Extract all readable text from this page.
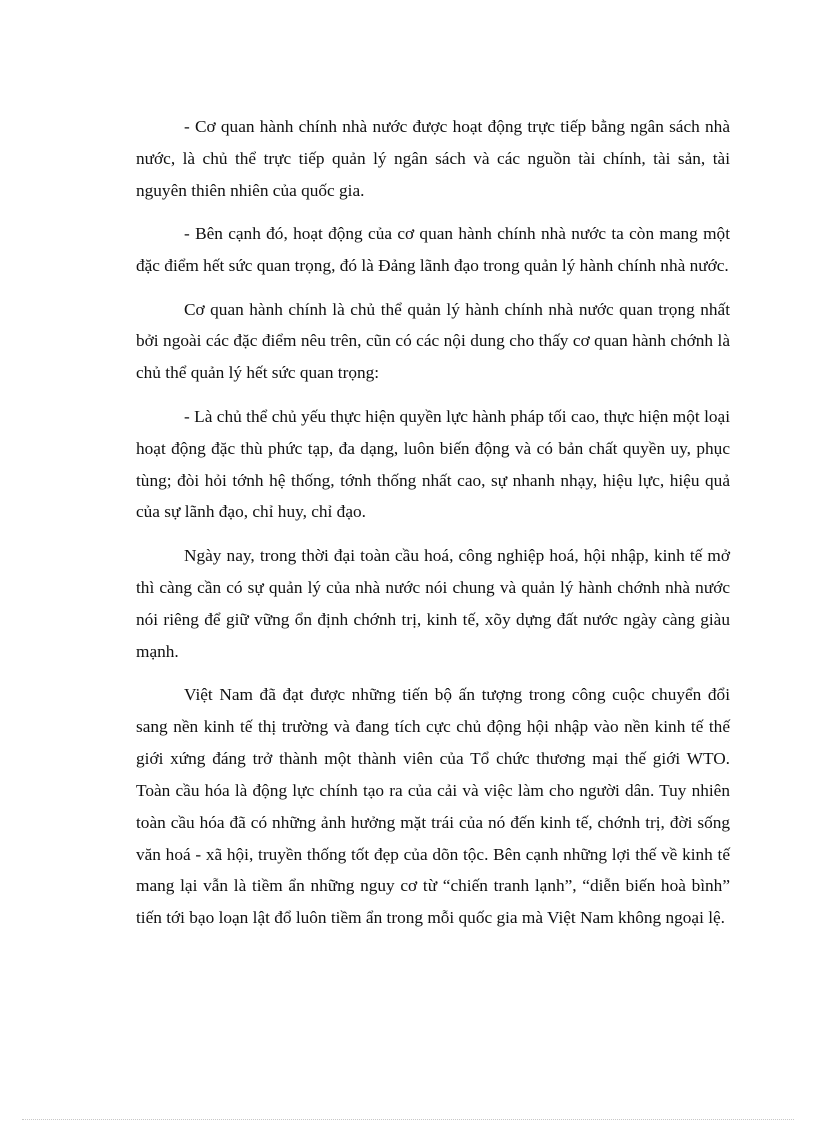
- Cơ quan hành chính nhà nước được hoạt động trực tiếp bằng ngân sách nhà nước, là chủ thể trực tiếp quản lý ngân sách và các nguồn tài chính, tài sản, tài nguyên thiên nhiên của quốc gia.

- Bên cạnh đó, hoạt động của cơ quan hành chính nhà nước ta còn mang một đặc điểm hết sức quan trọng, đó là Đảng lãnh đạo trong quản lý hành chính nhà nước.

Cơ quan hành chính là chủ thể quản lý hành chính nhà nước quan trọng nhất bởi ngoài các đặc điểm nêu trên, cũn có các nội dung cho thấy cơ quan hành chớnh là chủ thể quản lý hết sức quan trọng:

- Là chủ thể chủ yếu thực hiện quyền lực hành pháp tối cao, thực hiện một loại hoạt động đặc thù phức tạp, đa dạng, luôn biến động và có bản chất quyền uy, phục tùng; đòi hỏi tớnh hệ thống, tớnh thống nhất cao, sự nhanh nhạy, hiệu lực, hiệu quả của sự lãnh đạo, chỉ huy, chỉ đạo.

Ngày nay, trong thời đại toàn cầu hoá, công nghiệp hoá, hội nhập, kinh tế mở thì càng cần có sự quản lý của nhà nước nói chung và quản lý hành chớnh nhà nước nói riêng để giữ vững ổn định chớnh trị, kinh tế, xõy dựng đất nước ngày càng giàu mạnh.

Việt Nam đã đạt được những tiến bộ ấn tượng trong công cuộc chuyển đổi sang nền kinh tế thị trường và đang tích cực chủ động hội nhập vào nền kinh tế thế giới xứng đáng trở thành một thành viên của Tổ chức thương mại thế giới WTO. Toàn cầu hóa là động lực chính tạo ra của cải và việc làm cho người dân. Tuy nhiên toàn cầu hóa đã có những ảnh hưởng mặt trái của nó đến kinh tế, chớnh trị, đời sống văn hoá - xã hội, truyền thống tốt đẹp của dõn tộc. Bên cạnh những lợi thế về kinh tế mang lại vẫn là tiềm ẩn những nguy cơ từ “chiến tranh lạnh”, “diễn biến hoà bình” tiến tới bạo loạn lật đổ luôn tiềm ẩn trong mỗi quốc gia mà Việt Nam không ngoại lệ.
